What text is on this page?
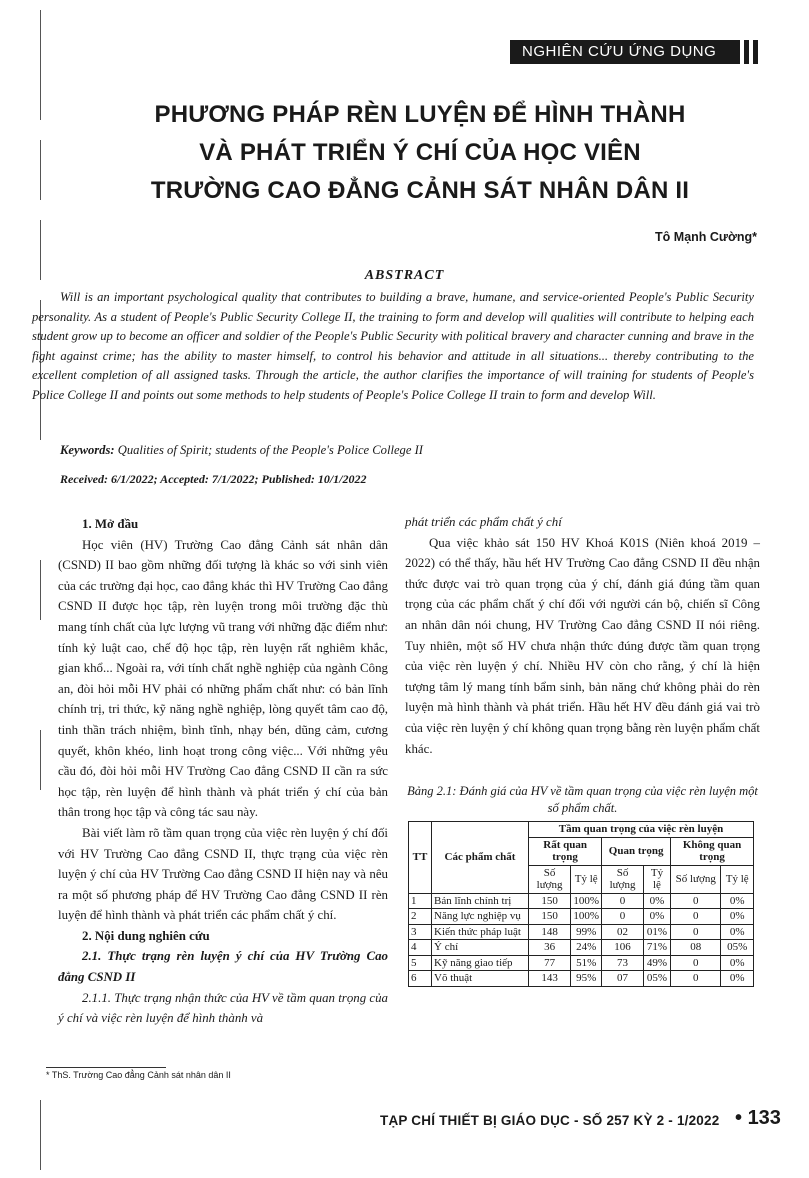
NGHIÊN CỨU ỨNG DỤNG
PHƯƠNG PHÁP RÈN LUYỆN ĐỂ HÌNH THÀNH
VÀ PHÁT TRIỂN Ý CHÍ CỦA HỌC VIÊN
TRƯỜNG CAO ĐẲNG CẢNH SÁT NHÂN DÂN II
Tô Mạnh Cường*
ABSTRACT
Will is an important psychological quality that contributes to building a brave, humane, and service-oriented People's Public Security personality. As a student of People's Public Security College II, the training to form and develop will qualities will contribute to helping each student grow up to become an officer and soldier of the People's Public Security with political bravery and character cunning and brave in the fight against crime; has the ability to master himself, to control his behavior and attitude in all situations... thereby contributing to the excellent completion of all assigned tasks. Through the article, the author clarifies the importance of will training for students of People's Police College II and points out some methods to help students of People's Police College II train to form and develop Will.
Keywords: Qualities of Spirit; students of the People's Police College II
Received: 6/1/2022; Accepted: 7/1/2022; Published: 10/1/2022

1. Mở đầu

Học viên (HV) Trường Cao đẳng Cảnh sát nhân dân (CSND) II bao gồm những đối tượng là khác so với sinh viên của các trường đại học, cao đẳng khác thì HV Trường Cao đẳng CSND II được học tập, rèn luyện trong môi trường đặc thù mang tính chất của lực lượng vũ trang với những đặc điểm như: tính kỷ luật cao, chế độ học tập, rèn luyện rất nghiêm khắc, gian khổ... Ngoài ra, với tính chất nghề nghiệp của ngành Công an, đòi hỏi mỗi HV phải có những phẩm chất như: có bản lĩnh chính trị, tri thức, kỹ năng nghề nghiệp, lòng quyết tâm cao độ, tinh thần trách nhiệm, bình tĩnh, nhạy bén, dũng cảm, cương quyết, khôn khéo, linh hoạt trong công việc... Với những yêu cầu đó, đòi hỏi mỗi HV Trường Cao đẳng CSND II cần ra sức học tập, rèn luyện để hình thành và phát triển ý chí của bản thân trong học tập và công tác sau này.

Bài viết làm rõ tầm quan trọng của việc rèn luyện ý chí đối với HV Trường Cao đẳng CSND II, thực trạng của việc rèn luyện ý chí của HV Trường Cao đẳng CSND II hiện nay và nêu ra một số phương pháp để HV Trường Cao đẳng CSND II rèn luyện để hình thành và phát triển các phẩm chất ý chí.

2. Nội dung nghiên cứu

2.1. Thực trạng rèn luyện ý chí của HV Trường Cao đẳng CSND II

2.1.1. Thực trạng nhận thức của HV về tầm quan trọng của ý chí và việc rèn luyện để hình thành và

* ThS. Trường Cao đẳng Cảnh sát nhân dân II

phát triển các phẩm chất ý chí

Qua việc khảo sát 150 HV Khoá K01S (Niên khoá 2019 – 2022) có thể thấy, hầu hết HV Trường Cao đẳng CSND II đều nhận thức được vai trò quan trọng của ý chí, đánh giá đúng tầm quan trọng của các phẩm chất ý chí đối với người cán bộ, chiến sĩ Công an nhân dân nói chung, HV Trường Cao đẳng CSND II nói riêng. Tuy nhiên, một số HV chưa nhận thức đúng được tầm quan trọng của việc rèn luyện ý chí. Nhiều HV còn cho rằng, ý chí là hiện tượng tâm lý mang tính bẩm sinh, bản năng chứ không phải do rèn luyện mà hình thành và phát triển. Hầu hết HV đều đánh giá vai trò của việc rèn luyện ý chí không quan trọng bằng rèn luyện phẩm chất khác.

Bảng 2.1: Đánh giá của HV về tầm quan trọng của việc rèn luyện một số phẩm chất.
TT	Các phẩm chất	Tầm quan trọng của việc rèn luyện					
		Rất quan trọng		Quan trọng		Không quan trọng	
		Số lượng	Tỷ lệ	Số lượng	Tỷ lệ	Số lượng	Tỷ lệ
1	Bản lĩnh chính trị	150	100%	0	0%	0	0%
2	Năng lực nghiệp vụ	150	100%	0	0%	0	0%
3	Kiến thức pháp luật	148	99%	02	01%	0	0%
4	Ý chí	36	24%	106	71%	08	05%
5	Kỹ năng giao tiếp	77	51%	73	49%	0	0%
6	Võ thuật	143	95%	07	05%	0	0%
TẠP CHÍ THIẾT BỊ GIÁO DỤC - SỐ 257 KỲ 2 - 1/2022 • 133
